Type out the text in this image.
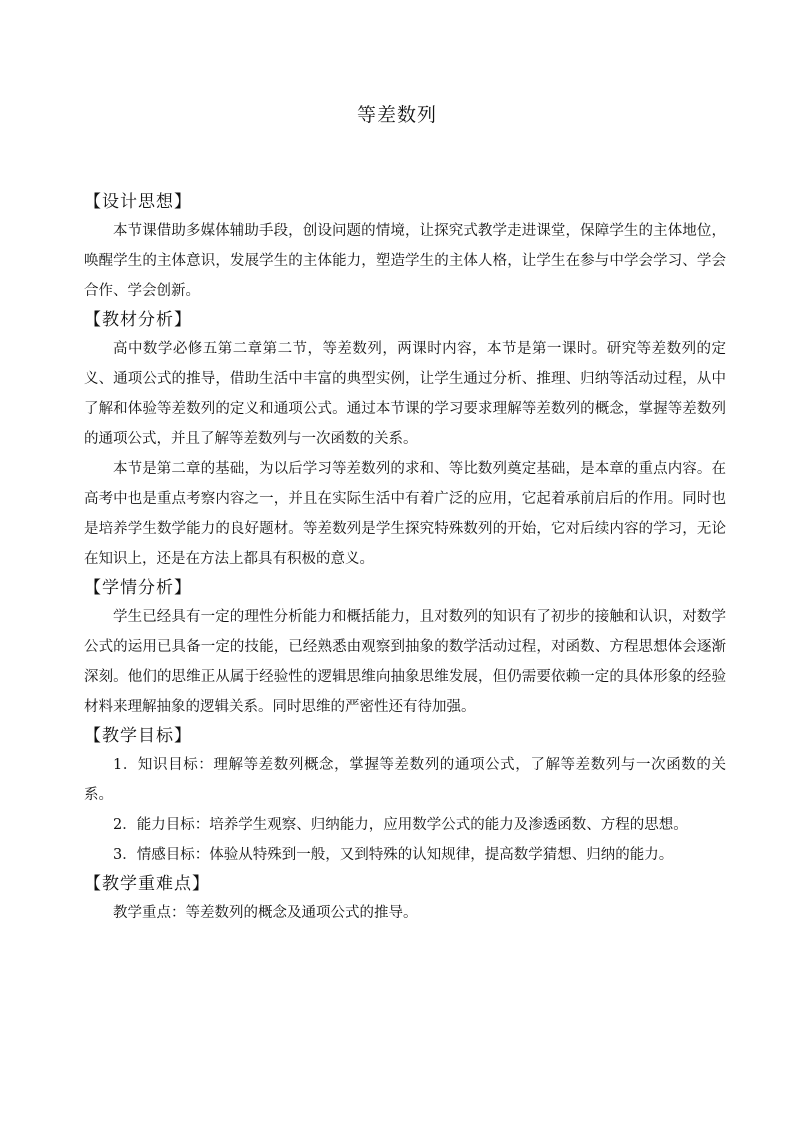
等差数列
【设计思想】

本节课借助多媒体辅助手段，创设问题的情境，让探究式教学走进课堂，保障学生的主体地位，唤醒学生的主体意识，发展学生的主体能力，塑造学生的主体人格，让学生在参与中学会学习、学会合作、学会创新。

【教材分析】

高中数学必修五第二章第二节，等差数列，两课时内容，本节是第一课时。研究等差数列的定义、通项公式的推导，借助生活中丰富的典型实例，让学生通过分析、推理、归纳等活动过程，从中了解和体验等差数列的定义和通项公式。通过本节课的学习要求理解等差数列的概念，掌握等差数列的通项公式，并且了解等差数列与一次函数的关系。

本节是第二章的基础，为以后学习等差数列的求和、等比数列奠定基础，是本章的重点内容。在高考中也是重点考察内容之一，并且在实际生活中有着广泛的应用，它起着承前启后的作用。同时也是培养学生数学能力的良好题材。等差数列是学生探究特殊数列的开始，它对后续内容的学习，无论在知识上，还是在方法上都具有积极的意义。

【学情分析】

学生已经具有一定的理性分析能力和概括能力，且对数列的知识有了初步的接触和认识，对数学公式的运用已具备一定的技能，已经熟悉由观察到抽象的数学活动过程，对函数、方程思想体会逐渐深刻。他们的思维正从属于经验性的逻辑思维向抽象思维发展，但仍需要依赖一定的具体形象的经验材料来理解抽象的逻辑关系。同时思维的严密性还有待加强。

【教学目标】

1．知识目标：理解等差数列概念，掌握等差数列的通项公式，了解等差数列与一次函数的关系。

2．能力目标：培养学生观察、归纳能力，应用数学公式的能力及渗透函数、方程的思想。

3．情感目标：体验从特殊到一般，又到特殊的认知规律，提高数学猜想、归纳的能力。

【教学重难点】

教学重点：等差数列的概念及通项公式的推导。
